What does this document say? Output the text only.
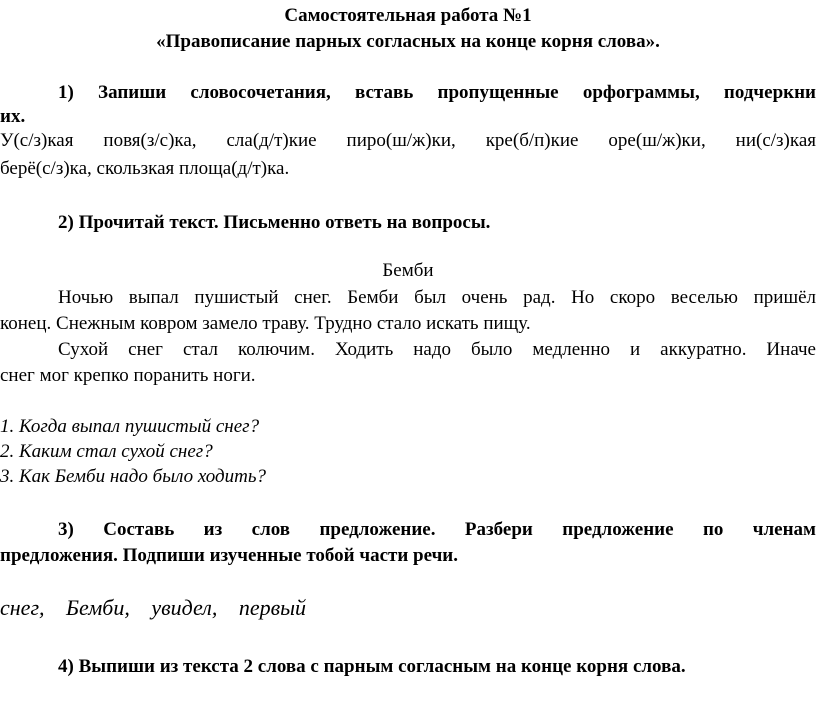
Самостоятельная работа №1
«Правописание парных согласных на конце корня слова».
1) Запиши словосочетания, вставь пропущенные орфограммы, подчеркни
их.
У(с/з)кая повя(з/с)ка, сла(д/т)кие пиро(ш/ж)ки, кре(б/п)кие оре(ш/ж)ки, ни(с/з)кая
берё(с/з)ка, скользкая площа(д/т)ка.
2) Прочитай текст. Письменно ответь на вопросы.
Бемби
Ночью выпал пушистый снег. Бемби был очень рад. Но скоро веселью пришёл
конец. Снежным ковром замело траву. Трудно стало искать пищу.
Сухой снег стал колючим. Ходить надо было медленно и аккуратно. Иначе
снег мог крепко поранить ноги.
1. Когда выпал пушистый снег?
2. Каким стал сухой снег?
3. Как Бемби надо было ходить?
3) Составь из слов предложение. Разбери предложение по членам
предложения. Подпиши изученные тобой части речи.
снег, Бемби, увидел, первый
4) Выпиши из текста 2 слова с парным согласным на конце корня слова.
